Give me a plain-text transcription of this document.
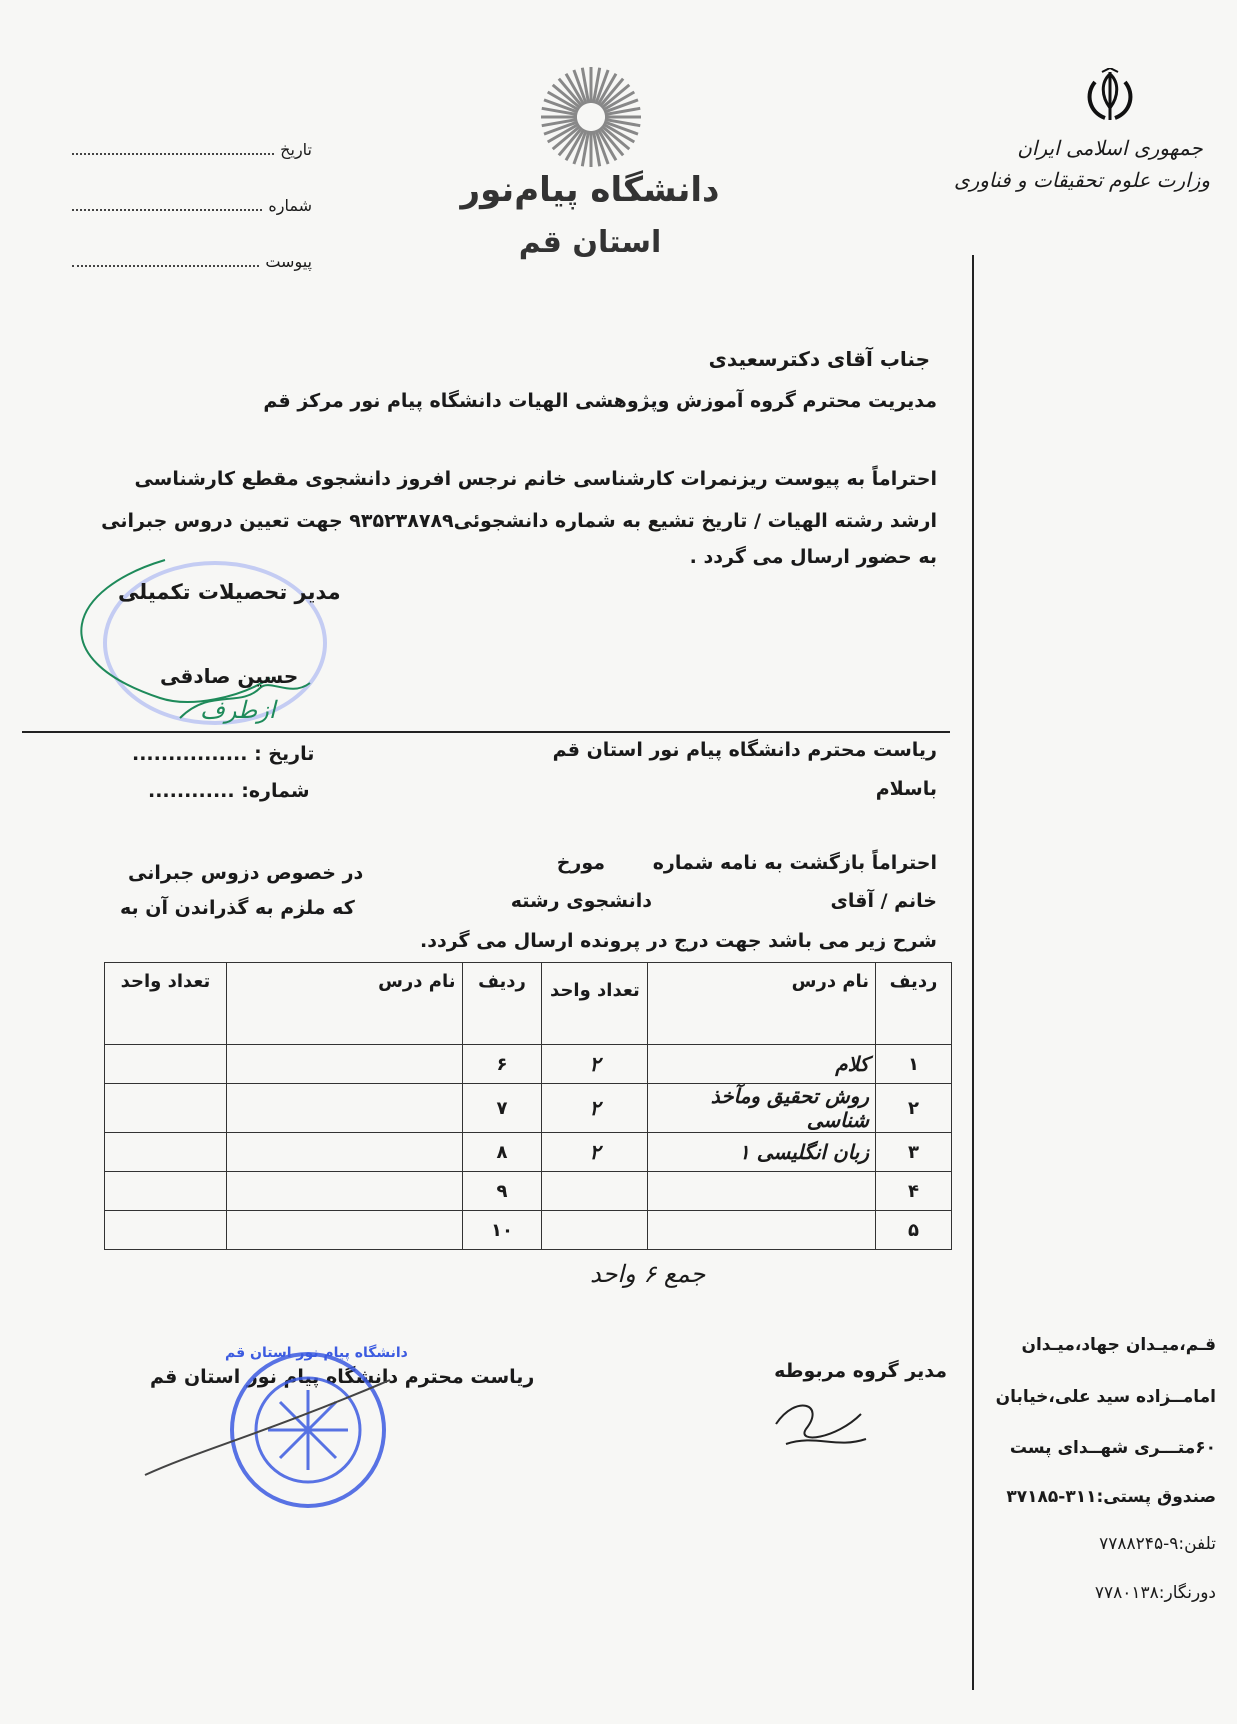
جمهوری اسلامی ایران
وزارت علوم تحقیقات و فناوری
دانشگاه پیام‌نور
استان قم
تاریخ
شماره
پیوست
جناب آقای دکترسعیدی
مدیریت محترم گروه آموزش وپژوهشی الهیات دانشگاه پیام نور مرکز قم
احتراماً به پیوست ریزنمرات کارشناسی خانم نرجس افروز دانشجوی مقطع کارشناسی
ارشد رشته الهیات / تاریخ تشیع به شماره دانشجوئی۹۳۵۲۳۸۷۸۹ جهت تعیین دروس جبرانی
به حضور ارسال می گردد .
مدیر تحصیلات تکمیلی
حسین صادقی
ازطرف
ریاست محترم دانشگاه پیام نور استان قم
تاریخ : ................
باسلام
شماره: ............
احتراماً بازگشت به نامه شماره
مورخ
در خصوص دزوس جبرانی
خانم / آقای
دانشجوی رشته
که ملزم به گذراندن آن به
شرح زیر می باشد جهت درج در پرونده ارسال می گردد.
ردیف	نام درس	تعداد واحد	ردیف	نام درس	تعداد واحد
۱	کلام	۲	۶		
۲	روش تحقیق ومآخذ شناسی	۲	۷		
۳	زبان انگلیسی ۱	۲	۸		
۴			۹		
۵			۱۰		
جمع ۶ واحد
مدیر گروه مربوطه
ریاست محترم دانشگاه پیام نور استان قم
دانشگاه پیام نور استان قم	قـم،میـدان جهاد،میـدان
امامــزاده سید علی،خیابان
۶۰متـــری شهــدای پست
صندوق پستی:۳۱۱-۳۷۱۸۵
تلفن:۹-۷۷۸۸۲۴۵
دورنگار:۷۷۸۰۱۳۸
